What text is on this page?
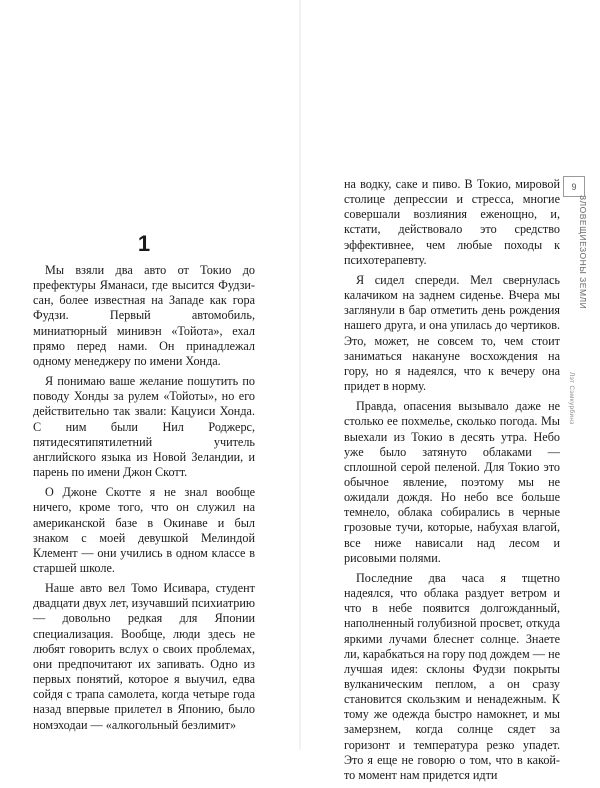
1

Мы взяли два авто от Токио до префектуры Яманаси, где высится Фудзи-сан, более известная на Западе как гора Фудзи. Первый автомобиль, миниатюрный минивэн «Тойота», ехал прямо перед нами. Он принадлежал одному менеджеру по имени Хонда.

Я понимаю ваше желание пошутить по поводу Хонды за рулем «Тойоты», но его действительно так звали: Кацуиси Хонда. С ним были Нил Роджерс, пятидесятипятилетний учитель английского языка из Новой Зеландии, и парень по имени Джон Скотт.

О Джоне Скотте я не знал вообще ничего, кроме того, что он служил на американской базе в Окинаве и был знаком с моей девушкой Мелиндой Клемент — они учились в одном классе в старшей школе.

Наше авто вел Томо Исивара, студент двадцати двух лет, изучавший психиатрию — довольно редкая для Японии специализация. Вообще, люди здесь не любят говорить вслух о своих проблемах, они предпочитают их запивать. Одно из первых понятий, которое я выучил, едва сойдя с трапа самолета, когда четыре года назад впервые прилетел в Японию, было номэходаи — «алкогольный безлимит»

на водку, саке и пиво. В Токио, мировой столице депрессии и стресса, многие совершали возлияния еженощно, и, кстати, действовало это средство эффективнее, чем любые походы к психотерапевту.

Я сидел спереди. Мел свернулась калачиком на заднем сиденье. Вчера мы заглянули в бар отметить день рождения нашего друга, и она упилась до чертиков. Это, может, не совсем то, чем стоит заниматься накануне восхождения на гору, но я надеялся, что к вечеру она придет в норму.

Правда, опасения вызывало даже не столько ее похмелье, сколько погода. Мы выехали из Токио в десять утра. Небо уже было затянуто облаками — сплошной серой пеленой. Для Токио это обычное явление, поэтому мы не ожидали дождя. Но небо все больше темнело, облака собирались в черные грозовые тучи, которые, набухая влагой, все ниже нависали над лесом и рисовыми полями.

Последние два часа я тщетно надеялся, что облака раздует ветром и что в небе появится долгожданный, наполненный голубизной просвет, откуда яркими лучами блеснет солнце. Знаете ли, карабкаться на гору под дождем — не лучшая идея: склоны Фудзи покрыты вулканическим пеплом, а он сразу становится скользким и ненадежным. К тому же одежда быстро намокнет, и мы замерзнем, когда солнце сядет за горизонт и температура резко упадет. Это я еще не говорю о том, что в какой-то момент нам придется идти

9
ЗЛОВЕЩИЕ
ЗОНЫ ЗЕМЛИ
Лэт Сэмкурбинз
